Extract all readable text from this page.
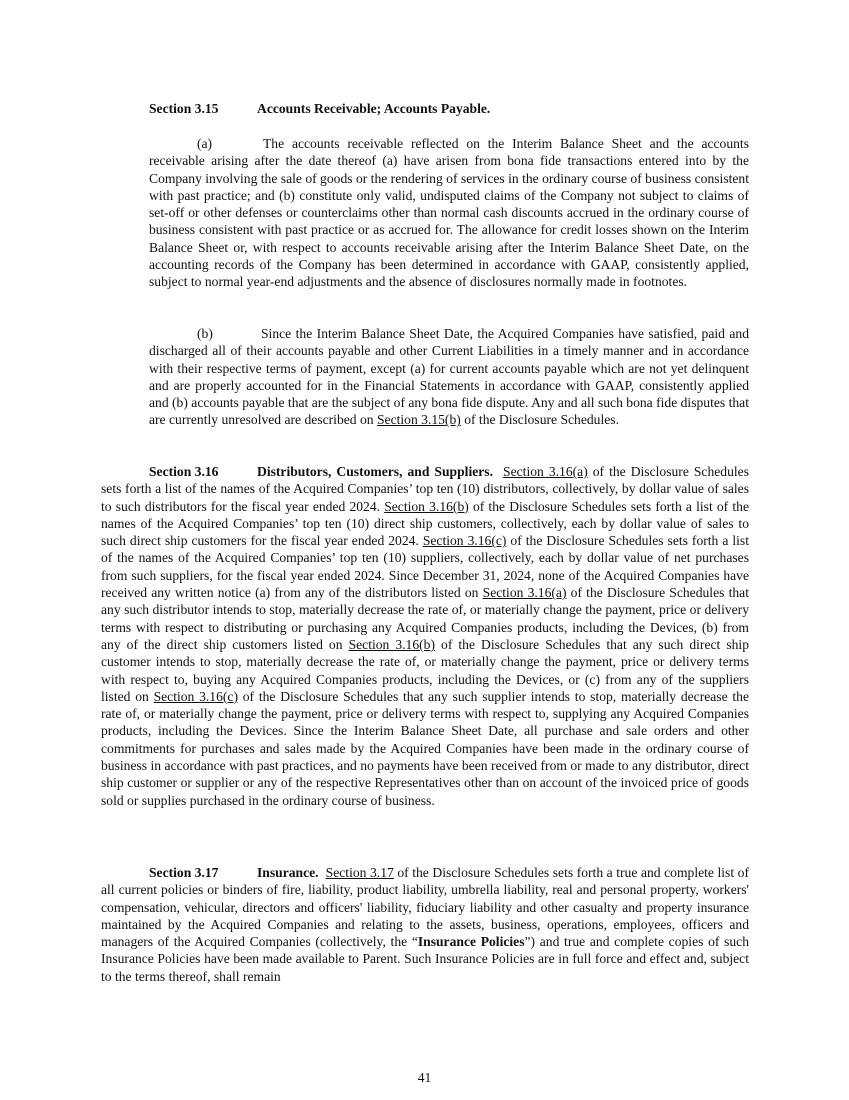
Section 3.15	Accounts Receivable; Accounts Payable.

(a)	The accounts receivable reflected on the Interim Balance Sheet and the accounts receivable arising after the date thereof (a) have arisen from bona fide transactions entered into by the Company involving the sale of goods or the rendering of services in the ordinary course of business consistent with past practice; and (b) constitute only valid, undisputed claims of the Company not subject to claims of set-off or other defenses or counterclaims other than normal cash discounts accrued in the ordinary course of business consistent with past practice or as accrued for. The allowance for credit losses shown on the Interim Balance Sheet or, with respect to accounts receivable arising after the Interim Balance Sheet Date, on the accounting records of the Company has been determined in accordance with GAAP, consistently applied, subject to normal year-end adjustments and the absence of disclosures normally made in footnotes.

(b)	Since the Interim Balance Sheet Date, the Acquired Companies have satisfied, paid and discharged all of their accounts payable and other Current Liabilities in a timely manner and in accordance with their respective terms of payment, except (a) for current accounts payable which are not yet delinquent and are properly accounted for in the Financial Statements in accordance with GAAP, consistently applied and (b) accounts payable that are the subject of any bona fide dispute. Any and all such bona fide disputes that are currently unresolved are described on Section 3.15(b) of the Disclosure Schedules.

Section 3.16	Distributors, Customers, and Suppliers. Section 3.16(a) of the Disclosure Schedules sets forth a list of the names of the Acquired Companies’ top ten (10) distributors, collectively, by dollar value of sales to such distributors for the fiscal year ended 2024. Section 3.16(b) of the Disclosure Schedules sets forth a list of the names of the Acquired Companies’ top ten (10) direct ship customers, collectively, each by dollar value of sales to such direct ship customers for the fiscal year ended 2024. Section 3.16(c) of the Disclosure Schedules sets forth a list of the names of the Acquired Companies’ top ten (10) suppliers, collectively, each by dollar value of net purchases from such suppliers, for the fiscal year ended 2024. Since December 31, 2024, none of the Acquired Companies have received any written notice (a) from any of the distributors listed on Section 3.16(a) of the Disclosure Schedules that any such distributor intends to stop, materially decrease the rate of, or materially change the payment, price or delivery terms with respect to distributing or purchasing any Acquired Companies products, including the Devices, (b) from any of the direct ship customers listed on Section 3.16(b) of the Disclosure Schedules that any such direct ship customer intends to stop, materially decrease the rate of, or materially change the payment, price or delivery terms with respect to, buying any Acquired Companies products, including the Devices, or (c) from any of the suppliers listed on Section 3.16(c) of the Disclosure Schedules that any such supplier intends to stop, materially decrease the rate of, or materially change the payment, price or delivery terms with respect to, supplying any Acquired Companies products, including the Devices. Since the Interim Balance Sheet Date, all purchase and sale orders and other commitments for purchases and sales made by the Acquired Companies have been made in the ordinary course of business in accordance with past practices, and no payments have been received from or made to any distributor, direct ship customer or supplier or any of the respective Representatives other than on account of the invoiced price of goods sold or supplies purchased in the ordinary course of business.

Section 3.17	Insurance. Section 3.17 of the Disclosure Schedules sets forth a true and complete list of all current policies or binders of fire, liability, product liability, umbrella liability, real and personal property, workers' compensation, vehicular, directors and officers' liability, fiduciary liability and other casualty and property insurance maintained by the Acquired Companies and relating to the assets, business, operations, employees, officers and managers of the Acquired Companies (collectively, the “Insurance Policies”) and true and complete copies of such Insurance Policies have been made available to Parent. Such Insurance Policies are in full force and effect and, subject to the terms thereof, shall remain

41
